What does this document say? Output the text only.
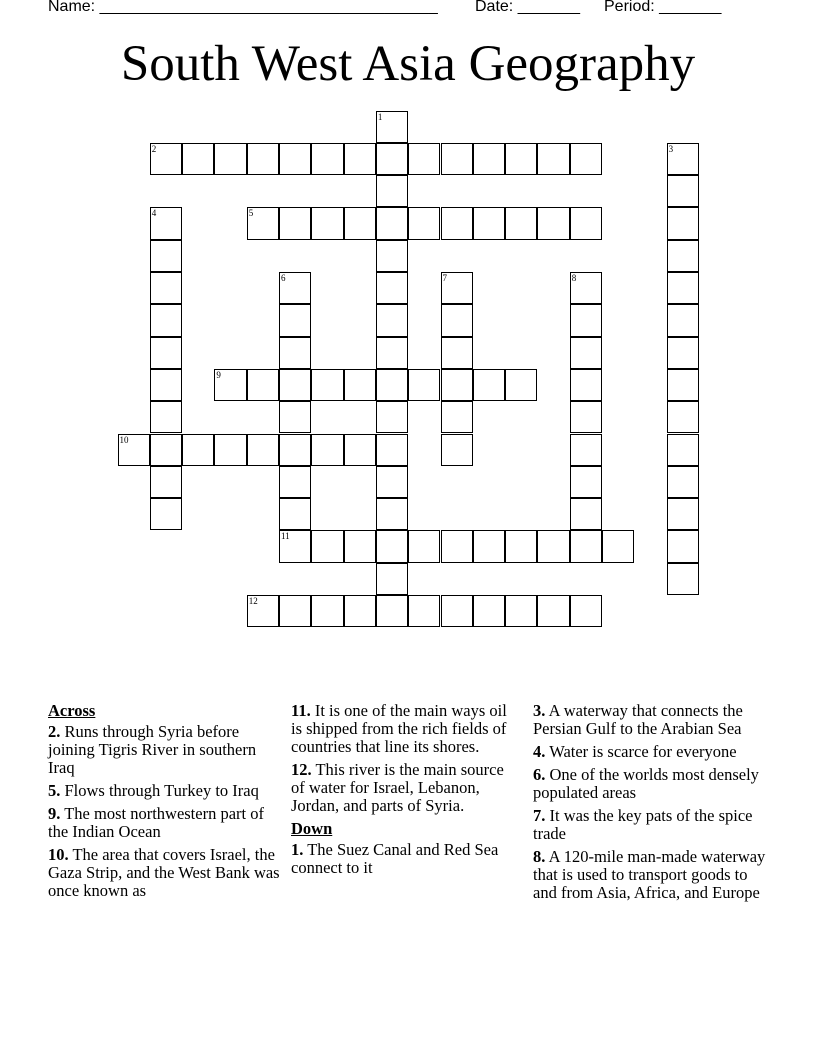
Name: ______________________________________ Date: _______ Period: _______
South West Asia Geography
1
2	3
4	5
6	7	8
9
10
11
12
Across
2. Runs through Syria before joining Tigris River in southern Iraq
5. Flows through Turkey to Iraq
9. The most northwestern part of the Indian Ocean
10. The area that covers Israel, the Gaza Strip, and the West Bank was once known as
11. It is one of the main ways oil is shipped from the rich fields of countries that line its shores.
12. This river is the main source of water for Israel, Lebanon, Jordan, and parts of Syria.
Down
1. The Suez Canal and Red Sea connect to it
3. A waterway that connects the Persian Gulf to the Arabian Sea
4. Water is scarce for everyone
6. One of the worlds most densely populated areas
7. It was the key pats of the spice trade
8. A 120-mile man-made waterway that is used to transport goods to and from Asia, Africa, and Europe
